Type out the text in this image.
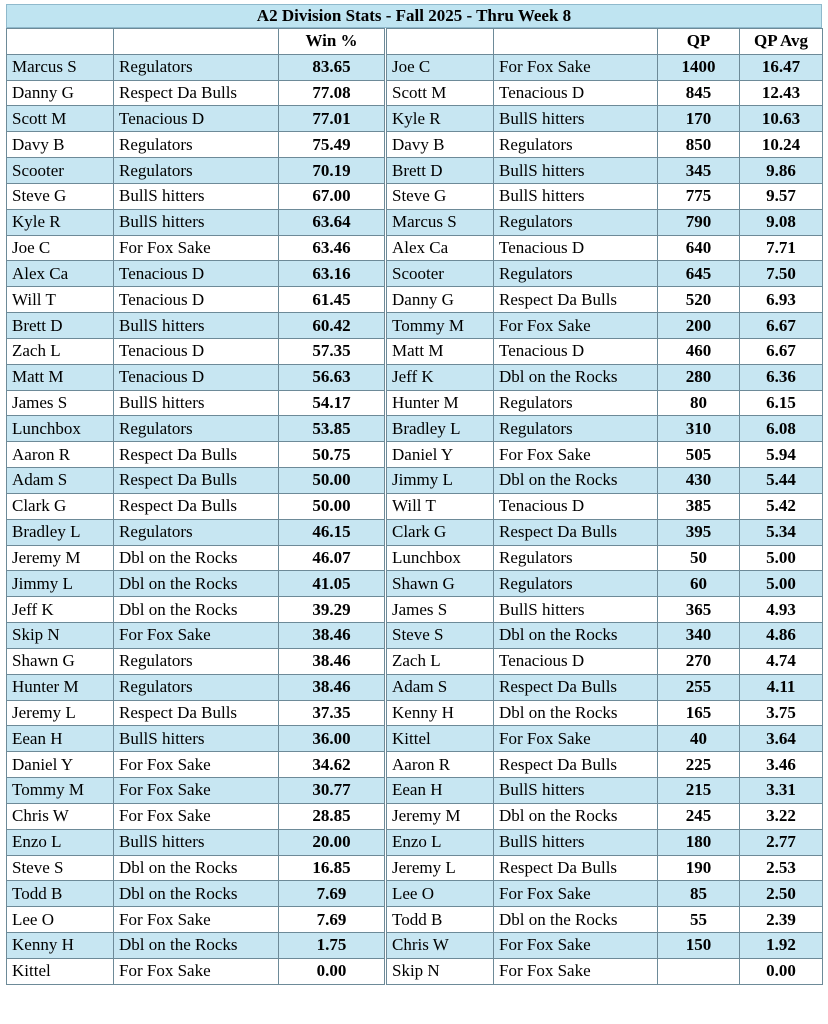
A2 Division Stats - Fall 2025 - Thru Week 8
		Win %
Marcus S	Regulators	83.65
Danny G	Respect Da Bulls	77.08
Scott M	Tenacious D	77.01
Davy B	Regulators	75.49
Scooter	Regulators	70.19
Steve G	BullS hitters	67.00
Kyle R	BullS hitters	63.64
Joe C	For Fox Sake	63.46
Alex Ca	Tenacious D	63.16
Will T	Tenacious D	61.45
Brett D	BullS hitters	60.42
Zach L	Tenacious D	57.35
Matt M	Tenacious D	56.63
James S	BullS hitters	54.17
Lunchbox	Regulators	53.85
Aaron R	Respect Da Bulls	50.75
Adam S	Respect Da Bulls	50.00
Clark G	Respect Da Bulls	50.00
Bradley L	Regulators	46.15
Jeremy M	Dbl on the Rocks	46.07
Jimmy L	Dbl on the Rocks	41.05
Jeff K	Dbl on the Rocks	39.29
Skip N	For Fox Sake	38.46
Shawn G	Regulators	38.46
Hunter M	Regulators	38.46
Jeremy L	Respect Da Bulls	37.35
Eean H	BullS hitters	36.00
Daniel Y	For Fox Sake	34.62
Tommy M	For Fox Sake	30.77
Chris W	For Fox Sake	28.85
Enzo L	BullS hitters	20.00
Steve S	Dbl on the Rocks	16.85
Todd B	Dbl on the Rocks	7.69
Lee O	For Fox Sake	7.69
Kenny H	Dbl on the Rocks	1.75
Kittel	For Fox Sake	0.00
		QP	QP Avg
Joe C	For Fox Sake	1400	16.47
Scott M	Tenacious D	845	12.43
Kyle R	BullS hitters	170	10.63
Davy B	Regulators	850	10.24
Brett D	BullS hitters	345	9.86
Steve G	BullS hitters	775	9.57
Marcus S	Regulators	790	9.08
Alex Ca	Tenacious D	640	7.71
Scooter	Regulators	645	7.50
Danny G	Respect Da Bulls	520	6.93
Tommy M	For Fox Sake	200	6.67
Matt M	Tenacious D	460	6.67
Jeff K	Dbl on the Rocks	280	6.36
Hunter M	Regulators	80	6.15
Bradley L	Regulators	310	6.08
Daniel Y	For Fox Sake	505	5.94
Jimmy L	Dbl on the Rocks	430	5.44
Will T	Tenacious D	385	5.42
Clark G	Respect Da Bulls	395	5.34
Lunchbox	Regulators	50	5.00
Shawn G	Regulators	60	5.00
James S	BullS hitters	365	4.93
Steve S	Dbl on the Rocks	340	4.86
Zach L	Tenacious D	270	4.74
Adam S	Respect Da Bulls	255	4.11
Kenny H	Dbl on the Rocks	165	3.75
Kittel	For Fox Sake	40	3.64
Aaron R	Respect Da Bulls	225	3.46
Eean H	BullS hitters	215	3.31
Jeremy M	Dbl on the Rocks	245	3.22
Enzo L	BullS hitters	180	2.77
Jeremy L	Respect Da Bulls	190	2.53
Lee O	For Fox Sake	85	2.50
Todd B	Dbl on the Rocks	55	2.39
Chris W	For Fox Sake	150	1.92
Skip N	For Fox Sake		0.00
